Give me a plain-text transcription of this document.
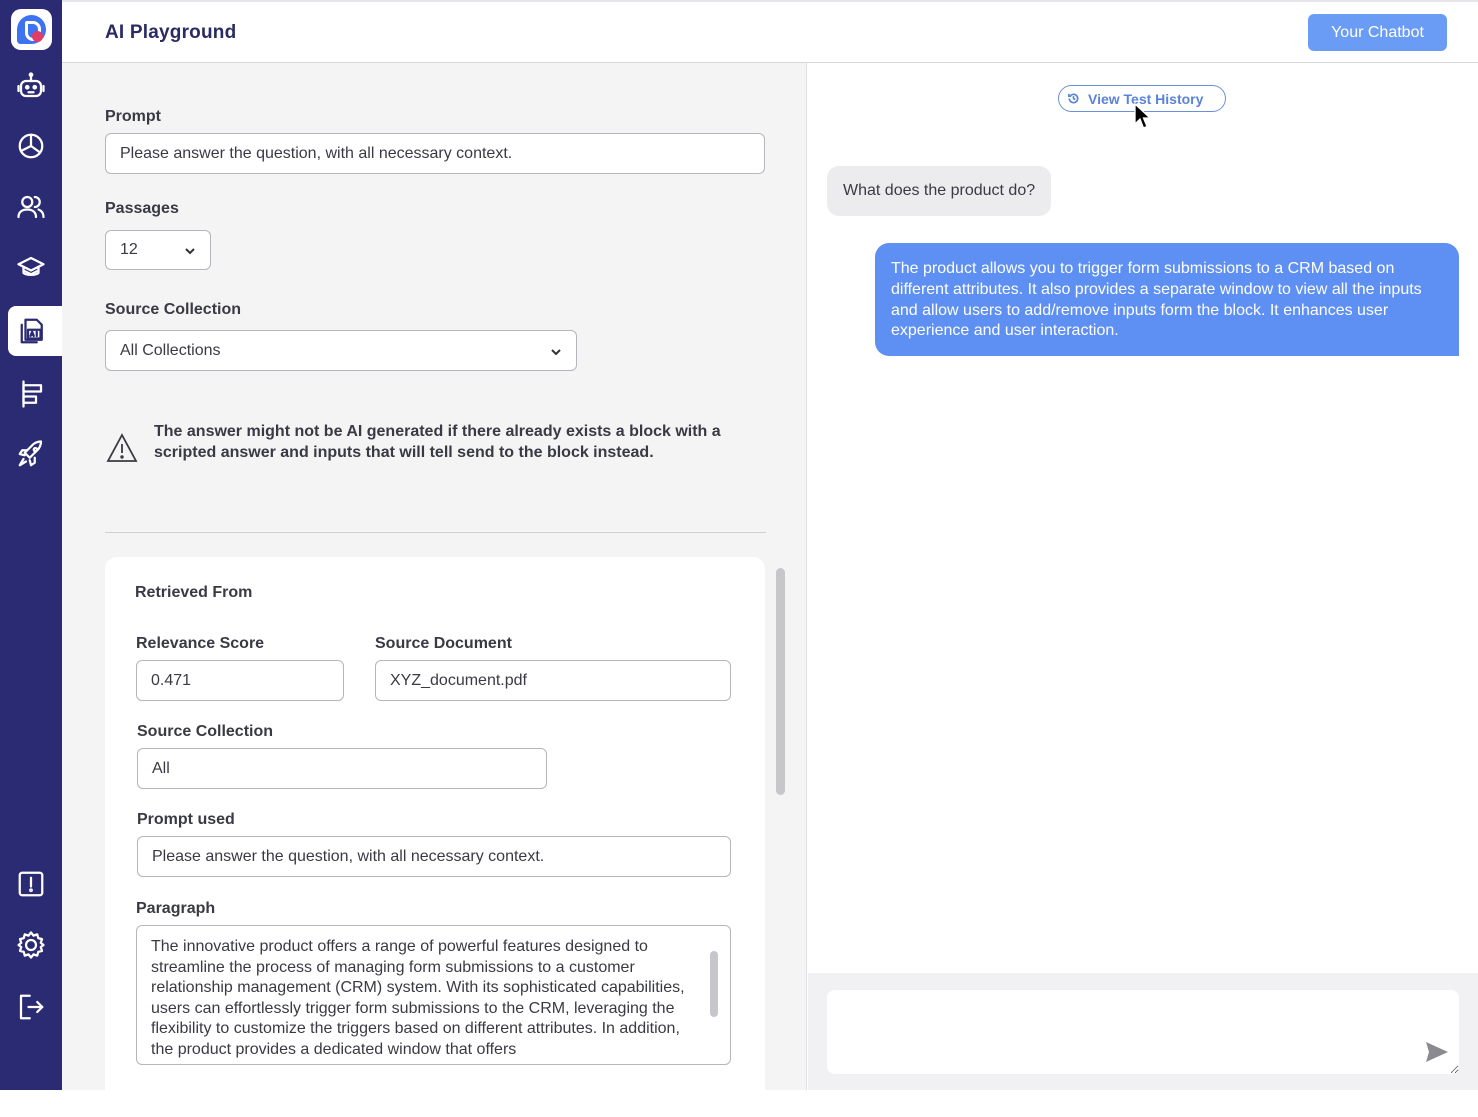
AI Playground	Your Chatbot
Prompt
Please answer the question, with all necessary context.
Passages
12
Source Collection
All Collections
The answer might not be AI generated if there already exists a block with a scripted answer and inputs that will tell send to the block instead.
Retrieved From
Relevance Score
0.471
Source Document
XYZ_document.pdf
Source Collection
All
Prompt used
Please answer the question, with all necessary context.
Paragraph
The innovative product offers a range of powerful features designed to streamline the process of managing form submissions to a customer relationship management (CRM) system. With its sophisticated capabilities, users can effortlessly trigger form submissions to the CRM, leveraging the flexibility to customize the triggers based on different attributes. In addition, the product provides a dedicated window that offers
View Test History
What does the product do?
The product allows you to trigger form submissions to a CRM based on different attributes. It also provides a separate window to view all the inputs and allow users to add/remove inputs form the block. It enhances user experience and user interaction.
